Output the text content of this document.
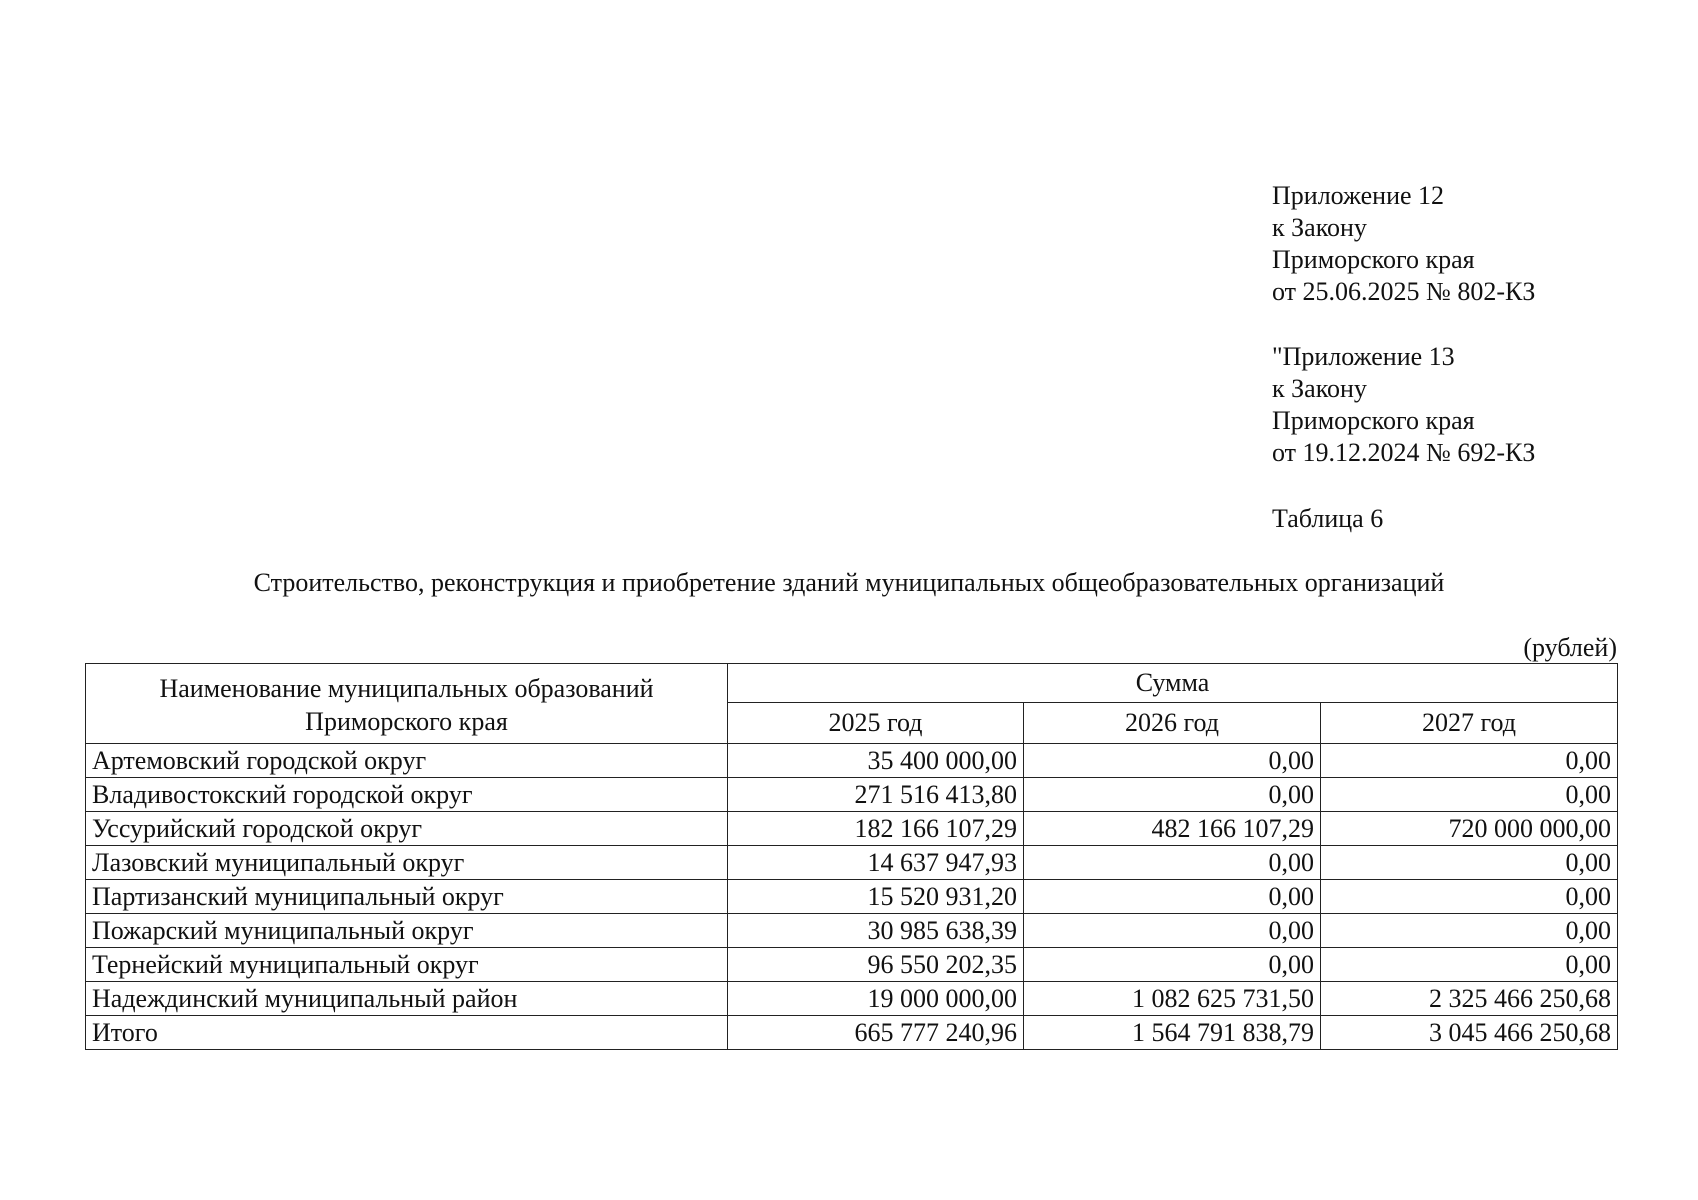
Приложение 12
к Закону
Приморского края
от 25.06.2025 № 802-КЗ
"Приложение 13
к Закону
Приморского края
от 19.12.2024 № 692-КЗ
Таблица 6
Строительство, реконструкция и приобретение зданий муниципальных общеобразовательных организаций
(рублей)
Наименование муниципальных образований Приморского края	Сумма		
	2025 год	2026 год	2027 год
Артемовский городской округ	35 400 000,00	0,00	0,00
Владивостокский городской округ	271 516 413,80	0,00	0,00
Уссурийский городской округ	182 166 107,29	482 166 107,29	720 000 000,00
Лазовский муниципальный округ	14 637 947,93	0,00	0,00
Партизанский муниципальный округ	15 520 931,20	0,00	0,00
Пожарский муниципальный округ	30 985 638,39	0,00	0,00
Тернейский муниципальный округ	96 550 202,35	0,00	0,00
Надеждинский муниципальный район	19 000 000,00	1 082 625 731,50	2 325 466 250,68
Итого	665 777 240,96	1 564 791 838,79	3 045 466 250,68
